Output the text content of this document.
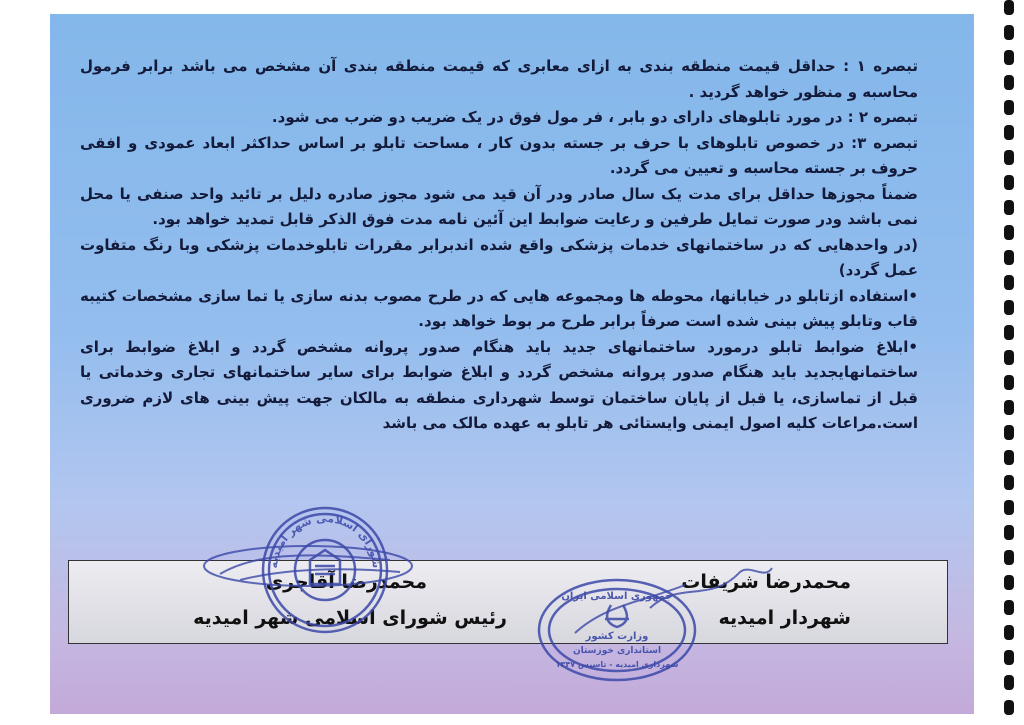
تبصره ۱ : حداقل قیمت منطقه بندی به ازای معابری که قیمت منطقه بندی آن مشخص می باشد برابر فرمول محاسبه و منظور خواهد گردید .

تبصره ۲ : در مورد تابلوهای دارای دو بابر ، فر مول فوق در یک ضریب دو ضرب می شود.

تبصره ۳: در خصوص تابلوهای با حرف بر جسته بدون کار ، مساحت تابلو بر اساس حداکثر ابعاد عمودی و افقی حروف بر جسته محاسبه و تعیین می گردد.

ضمناً مجوزها حداقل برای مدت یک سال صادر ودر آن قید می شود مجوز صادره دلیل بر تائید واحد صنفی یا محل نمی باشد ودر صورت تمایل طرفین و رعایت ضوابط این آئین نامه مدت فوق الذکر قابل تمدید خواهد بود.

(در واحدهایی که در ساختمانهای خدمات پزشکی واقع شده اندبرابر مقررات تابلوخدمات پزشکی وبا رنگ متفاوت عمل گردد)

•استفاده ازتابلو در خیابانها، محوطه ها ومجموعه هایی که در طرح مصوب بدنه سازی یا تما سازی مشخصات کتیبه قاب وتابلو پیش بینی شده است صرفاً برابر طرح مر بوط خواهد بود.

•ابلاغ ضوابط تابلو درمورد ساختمانهای جدید باید هنگام صدور پروانه مشخص گردد و ابلاغ ضوابط برای ساختمانهایجدید باید هنگام صدور پروانه مشخص گردد و ابلاغ ضوابط برای سایر ساختمانهای تجاری وخدماتی یا قبل از تماسازی، یا قبل از پایان ساختمان توسط شهرداری منطقه به مالکان جهت پیش بینی های لازم ضروری است.مراعات کلیه اصول ایمنی وایستائی هر تابلو به عهده مالک می باشد

محمدرضا آقاجری
رئیس شورای اسلامی شهر امیدیه
محمدرضا شریفات
شهردار امیدیه
شورای اسلامی شهر امیدیه
جمهوری اسلامی ایران
وزارت کشور
استانداری خوزستان
شهرداری امیدیه - تاسیس ۱۳۴۷
